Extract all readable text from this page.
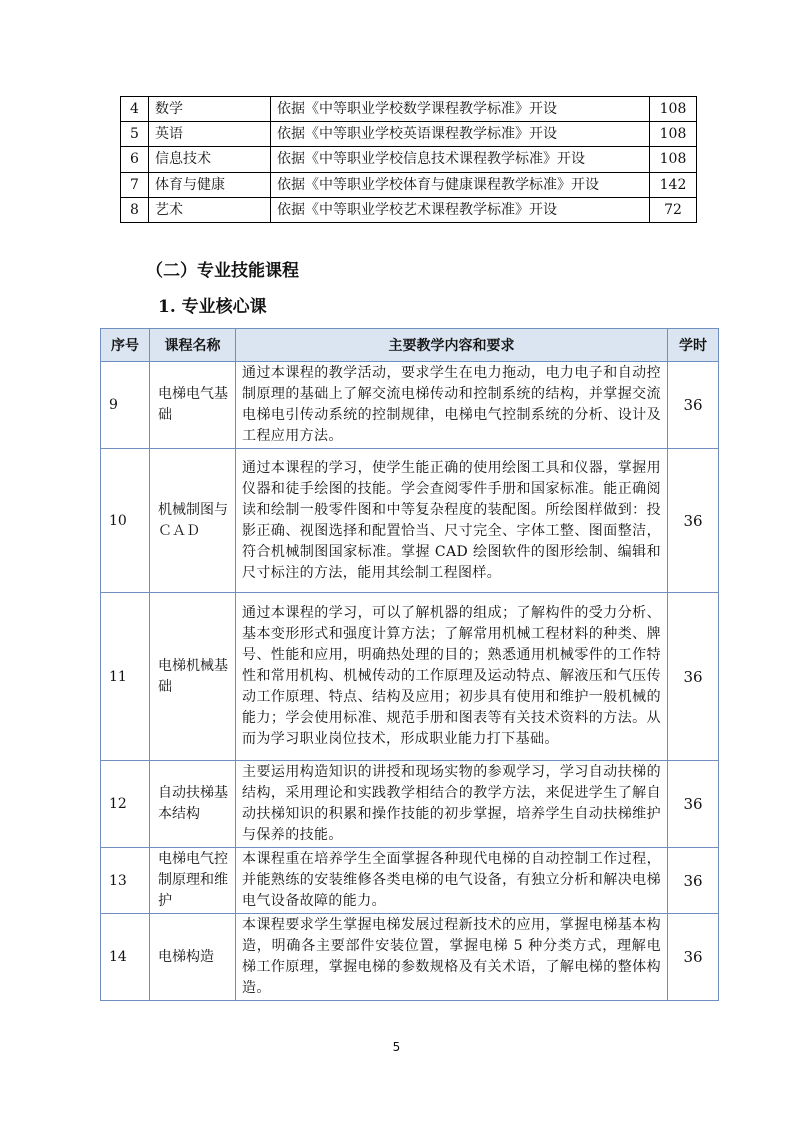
4	数学	依据《中等职业学校数学课程教学标准》开设	108
5	英语	依据《中等职业学校英语课程教学标准》开设	108
6	信息技术	依据《中等职业学校信息技术课程教学标准》开设	108
7	体育与健康	依据《中等职业学校体育与健康课程教学标准》开设	142
8	艺术	依据《中等职业学校艺术课程教学标准》开设	72
（二）专业技能课程
1. 专业核心课
序号	课程名称	主要教学内容和要求	学时
9	电梯电气基础	通过本课程的教学活动，要求学生在电力拖动，电力电子和自动控制原理的基础上了解交流电梯传动和控制系统的结构，并掌握交流电梯电引传动系统的控制规律，电梯电气控制系统的分析、设计及工程应用方法。	36
10	机械制图与ＣＡＤ	通过本课程的学习，使学生能正确的使用绘图工具和仪器，掌握用仪器和徒手绘图的技能。学会查阅零件手册和国家标准。能正确阅读和绘制一般零件图和中等复杂程度的装配图。所绘图样做到：投影正确、视图选择和配置恰当、尺寸完全、字体工整、图面整洁，符合机械制图国家标准。掌握 CAD 绘图软件的图形绘制、编辑和尺寸标注的方法，能用其绘制工程图样。	36
11	电梯机械基础	通过本课程的学习，可以了解机器的组成；了解构件的受力分析、基本变形形式和强度计算方法；了解常用机械工程材料的种类、牌号、性能和应用，明确热处理的目的；熟悉通用机械零件的工作特性和常用机构、机械传动的工作原理及运动特点、解液压和气压传动工作原理、特点、结构及应用；初步具有使用和维护一般机械的能力；学会使用标准、规范手册和图表等有关技术资料的方法。从而为学习职业岗位技术，形成职业能力打下基础。	36
12	自动扶梯基本结构	主要运用构造知识的讲授和现场实物的参观学习，学习自动扶梯的结构，采用理论和实践教学相结合的教学方法，来促进学生了解自动扶梯知识的积累和操作技能的初步掌握，培养学生自动扶梯维护 与保养的技能。	36
13	电梯电气控制原理和维护	本课程重在培养学生全面掌握各种现代电梯的自动控制工作过程，并能熟练的安装维修各类电梯的电气设备，有独立分析和解决电梯电气设备故障的能力。	36
14	电梯构造	本课程要求学生掌握电梯发展过程新技术的应用，掌握电梯基本构造，明确各主要部件安装位置，掌握电梯 5 种分类方式，理解电梯工作原理，掌握电梯的参数规格及有关术语，了解电梯的整体构造。	36
5
